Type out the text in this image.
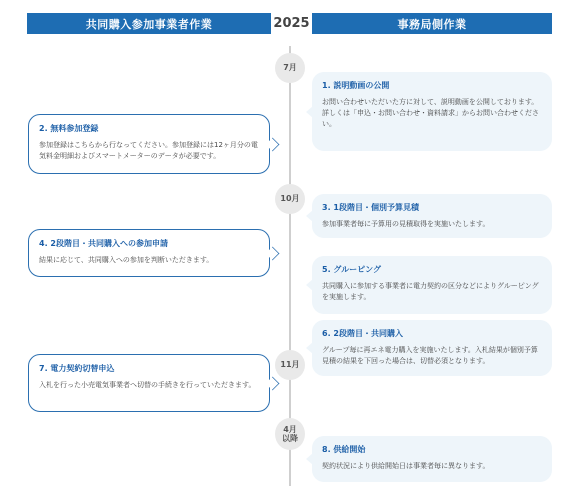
共同購入参加事業者作業	2025	事務局側作業
7月
10月
11月
4月
以降
1. 説明動画の公開
お問い合わせいただいた方に対して、説明動画を公開しております。詳しくは「申込・お問い合わせ・資料請求」からお問い合わせください。
2. 無料参加登録
参加登録はこちらから行なってください。参加登録には12ヶ月分の電気料金明細およびスマートメーターのデータが必要です。
3. 1段階目・個別予算見積
参加事業者毎に予算用の見積取得を実施いたします。
4. 2段階目・共同購入への参加申請
結果に応じて、共同購入への参加を判断いただきます。
5. グルーピング
共同購入に参加する事業者に電力契約の区分などによりグルーピングを実施します。
6. 2段階目・共同購入
グループ毎に再エネ電力購入を実施いたします。入札結果が個別予算見積の結果を下回った場合は、切替必須となります。
7. 電力契約切替申込
入札を行った小売電気事業者へ切替の手続きを行っていただきます。
8. 供給開始
契約状況により供給開始日は事業者毎に異なります。
